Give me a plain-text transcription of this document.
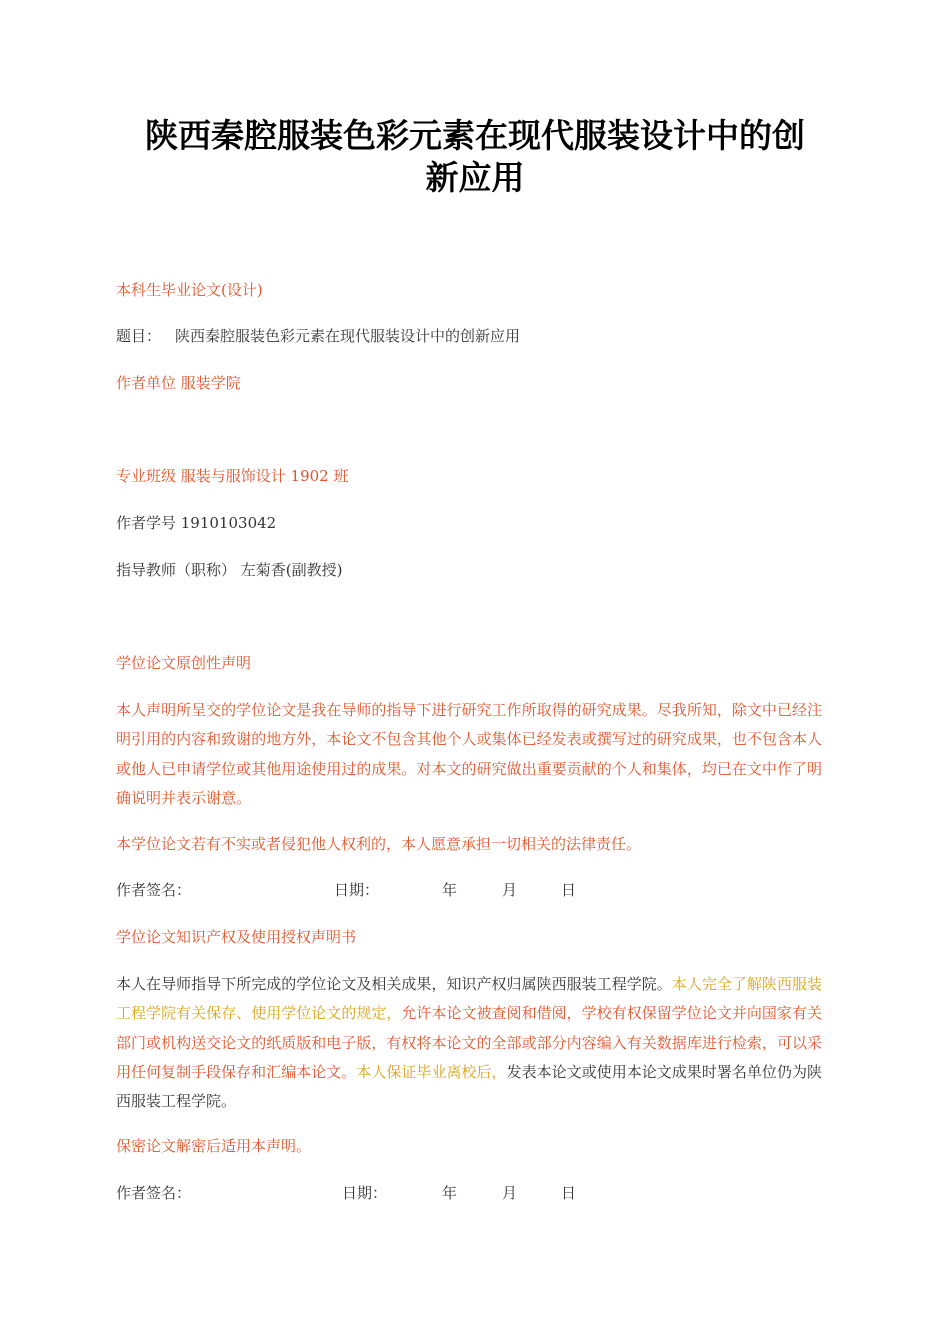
陕西秦腔服装色彩元素在现代服装设计中的创
新应用
本科生毕业论文(设计)
题目： 陕西秦腔服装色彩元素在现代服装设计中的创新应用
作者单位 服装学院
专业班级 服装与服饰设计 1902 班
作者学号 1910103042
指导教师（职称） 左菊香(副教授)
学位论文原创性声明
本人声明所呈交的学位论文是我在导师的指导下进行研究工作所取得的研究成果。尽我所知，除文中已经注明引用的内容和致谢的地方外，本论文不包含其他个人或集体已经发表或撰写过的研究成果，也不包含本人或他人已申请学位或其他用途使用过的成果。对本文的研究做出重要贡献的个人和集体，均已在文中作了明确说明并表示谢意。
本学位论文若有不实或者侵犯他人权利的，本人愿意承担一切相关的法律责任。
作者签名：	日期：	年	月	日
学位论文知识产权及使用授权声明书
本人在导师指导下所完成的学位论文及相关成果，知识产权归属陕西服装工程学院。本人完全了解陕西服装工程学院有关保存、使用学位论文的规定，允许本论文被查阅和借阅，学校有权保留学位论文并向国家有关部门或机构送交论文的纸质版和电子版，有权将本论文的全部或部分内容编入有关数据库进行检索，可以采用任何复制手段保存和汇编本论文。本人保证毕业离校后，发表本论文或使用本论文成果时署名单位仍为陕西服装工程学院。
保密论文解密后适用本声明。
作者签名：	日期：	年	月	日
